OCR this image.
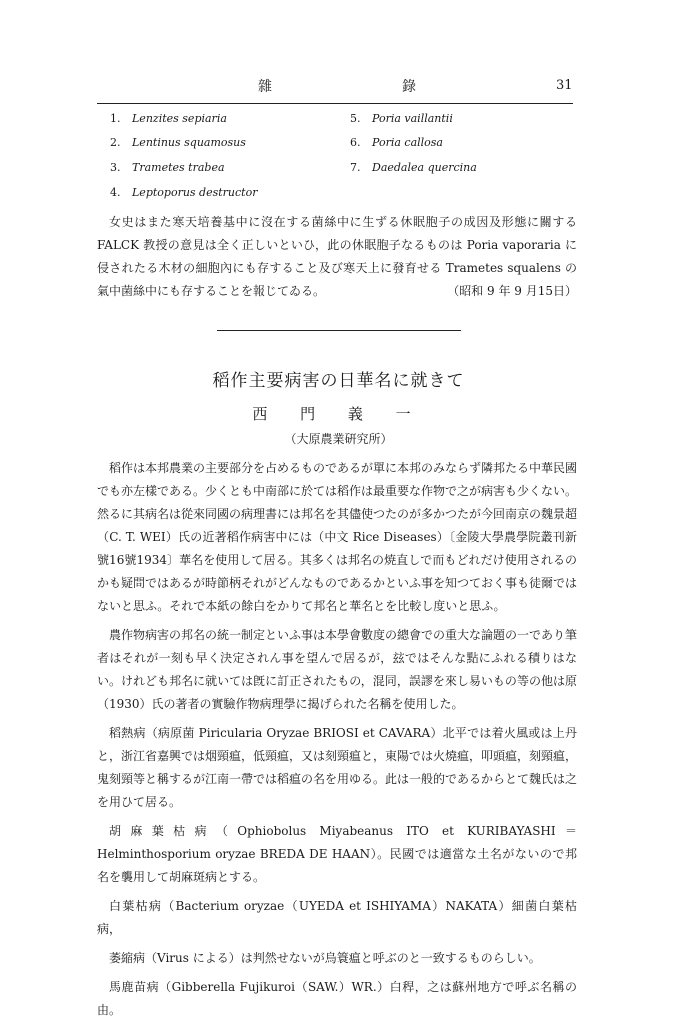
雜	錄	31
1. Lenzites sepiaria
2. Lentinus squamosus
3. Trametes trabea
4. Leptoporus destructor
5. Poria vaillantii
6. Poria callosa
7. Daedalea quercina

女史はまた寒天培養基中に沒在する菌絲中に生ずる休眠胞子の成因及形態に關する FALCK 教授の意見は全く正しいといひ，此の休眠胞子なるものは Poria vaporaria に侵されたる木材の細胞內にも存すること及び寒天上に發育せる Trametes squalens の氣中菌絲中にも存することを報じてゐる。	（昭和 9 年 9 月15日）

稻作主要病害の日華名に就きて
西 門 義 一
（大原農業硏究所）

稻作は本邦農業の主要部分を占めるものであるが單に本邦のみならず隣邦たる中華民國でも亦左樣である。少くとも中南部に於ては稻作は最重要な作物で之が病害も少くない。然るに其病名は從來同國の病理書には邦名を其儘使つたのが多かつたが今回南京の魏景超（C. T. WEI）氏の近著稻作病害中には（中文 Rice Diseases）〔金陵大學農學院叢刊新號16號1934〕華名を使用して居る。其多くは邦名の焼直しで而もどれだけ使用されるのかも疑問ではあるが時節柄それがどんなものであるかといふ事を知つておく事も徒爾ではないと思ふ。それで本紙の餘白をかりて邦名と華名とを比較し度いと思ふ。

農作物病害の邦名の統一制定といふ事は本學會數度の總會での重大な論題の一であり筆者はそれが一刻も早く決定されん事を望んで居るが，玆ではそんな點にふれる積りはない。けれども邦名に就いては旣に訂正されたもの，混同，誤謬を來し易いもの等の他は原（1930）氏の著者の實驗作物病理學に揭げられた名稱を使用した。

稻熱病（病原菌 Piricularia Oryzae BRIOSI et CAVARA）北平では着火風或は上丹と，浙江省嘉興では烟頸瘟，低頸瘟，又は刻頸瘟と，東陽では火燒瘟，叩頭瘟，刻頸瘟，鬼刻頸等と稱するが江南一帶では稻瘟の名を用ゆる。此は一般的であるからとて魏氏は之を用ひて居る。

胡麻葉枯病（Ophiobolus Miyabeanus ITO et KURIBAYASHI＝Helminthosporium oryzae BREDA DE HAAN）。民國では適當な土名がないので邦名を襲用して胡麻斑病とする。

白葉枯病（Bacterium oryzae（UYEDA et ISHIYAMA）NAKATA）細菌白葉枯病，

萎縮病（Virus による）は判然せないが烏簑瘟と呼ぶのと一致するものらしい。

馬鹿苗病（Gibberella Fujikuroi（SAW.）WR.）白稈，之は蘇州地方で呼ぶ名稱の由。
